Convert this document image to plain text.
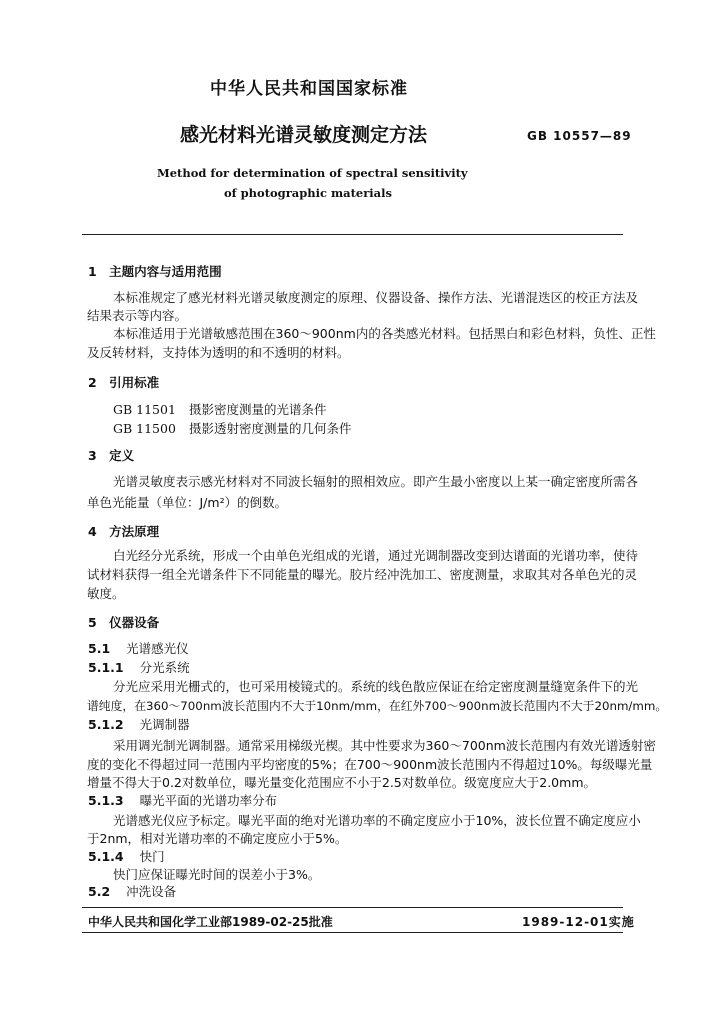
中华人民共和国国家标准
感光材料光谱灵敏度测定方法	GB 10557—89
Method for determination of spectral sensitivity
of photographic materials
1 主题内容与适用范围
本标准规定了感光材料光谱灵敏度测定的原理、仪器设备、操作方法、光谱混迭区的校正方法及
结果表示等内容。
本标准适用于光谱敏感范围在360～900nm内的各类感光材料。包括黑白和彩色材料，负性、正性
及反转材料，支持体为透明的和不透明的材料。
2 引用标准
GB 11501 摄影密度测量的光谱条件
GB 11500 摄影透射密度测量的几何条件
3 定义
光谱灵敏度表示感光材料对不同波长辐射的照相效应。即产生最小密度以上某一确定密度所需各
单色光能量（单位：J/m²）的倒数。
4 方法原理
白光经分光系统，形成一个由单色光组成的光谱，通过光调制器改变到达谱面的光谱功率，使待
试材料获得一组全光谱条件下不同能量的曝光。胶片经冲洗加工、密度测量，求取其对各单色光的灵
敏度。
5 仪器设备
5.1 光谱感光仪
5.1.1 分光系统
分光应采用光栅式的，也可采用棱镜式的。系统的线色散应保证在给定密度测量缝宽条件下的光
谱纯度，在360～700nm波长范围内不大于10nm/mm，在红外700～900nm波长范围内不大于20nm/mm。
5.1.2 光调制器
采用调光制光调制器。通常采用梯级光楔。其中性要求为360～700nm波长范围内有效光谱透射密
度的变化不得超过同一范围内平均密度的5%；在700～900nm波长范围内不得超过10%。每级曝光量
增量不得大于0.2对数单位，曝光量变化范围应不小于2.5对数单位。级宽度应大于2.0mm。
5.1.3 曝光平面的光谱功率分布
光谱感光仪应予标定。曝光平面的绝对光谱功率的不确定度应小于10%，波长位置不确定度应小
于2nm，相对光谱功率的不确定度应小于5%。
5.1.4 快门
快门应保证曝光时间的误差小于3%。
5.2 冲洗设备
中华人民共和国化学工业部1989-02-25批准	1989-12-01实施
